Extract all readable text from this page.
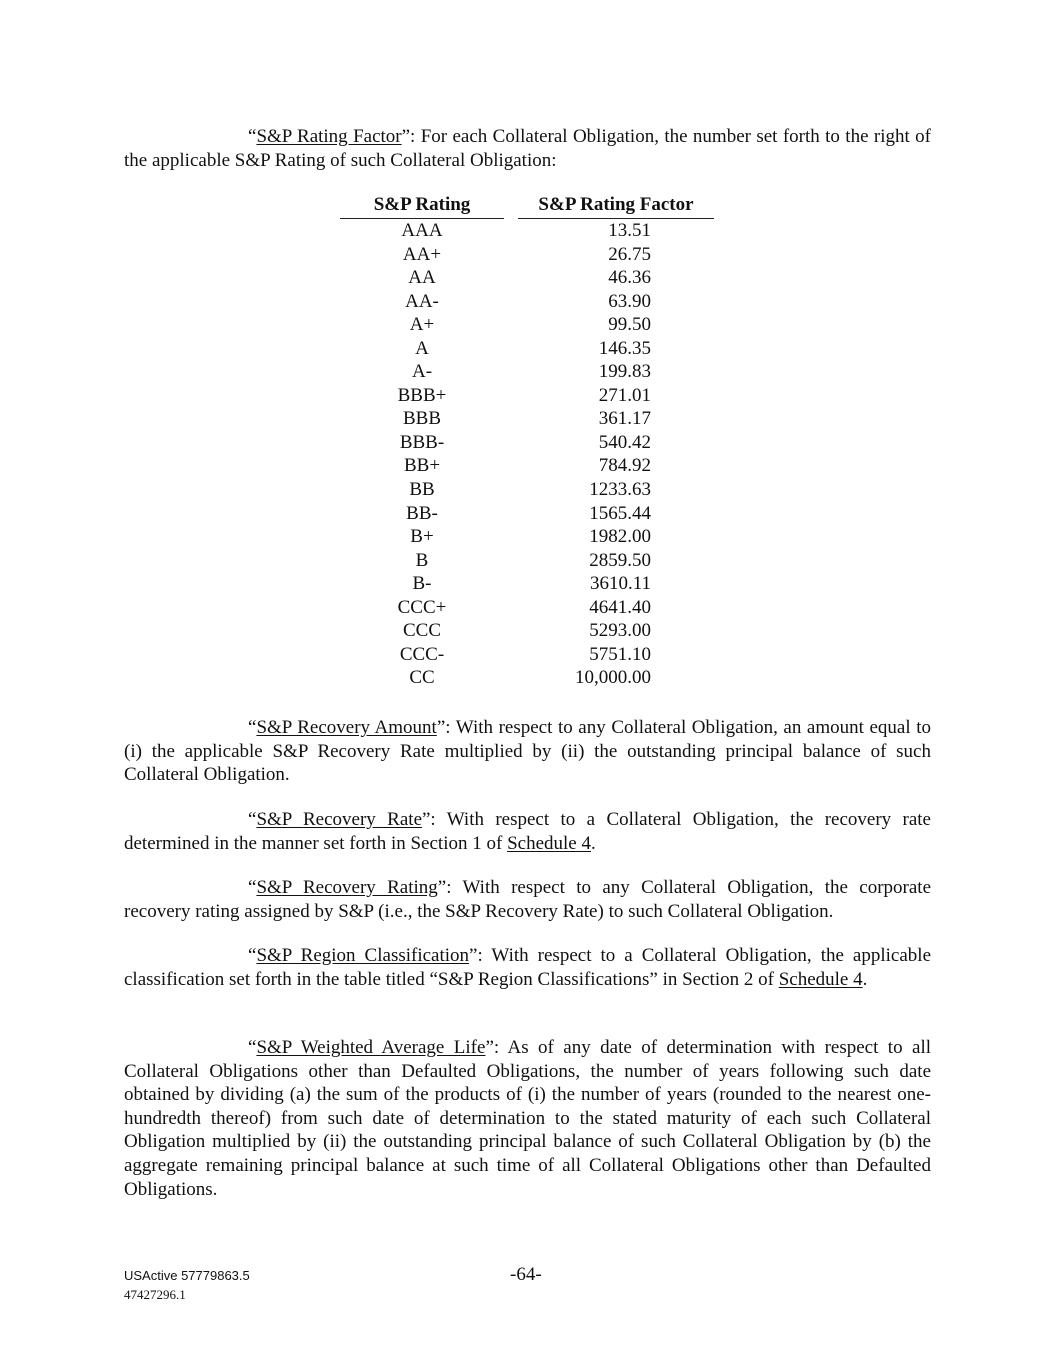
“S&P Rating Factor”: For each Collateral Obligation, the number set forth to the right of the applicable S&P Rating of such Collateral Obligation:

S&P Rating	S&P Rating Factor
AAA	13.51
AA+	26.75
AA	46.36
AA-	63.90
A+	99.50
A	146.35
A-	199.83
BBB+	271.01
BBB	361.17
BBB-	540.42
BB+	784.92
BB	1233.63
BB-	1565.44
B+	1982.00
B	2859.50
B-	3610.11
CCC+	4641.40
CCC	5293.00
CCC-	5751.10
CC	10,000.00

“S&P Recovery Amount”: With respect to any Collateral Obligation, an amount equal to (i) the applicable S&P Recovery Rate multiplied by (ii) the outstanding principal balance of such Collateral Obligation.

“S&P Recovery Rate”: With respect to a Collateral Obligation, the recovery rate determined in the manner set forth in Section 1 of Schedule 4.

“S&P Recovery Rating”: With respect to any Collateral Obligation, the corporate recovery rating assigned by S&P (i.e., the S&P Recovery Rate) to such Collateral Obligation.

“S&P Region Classification”: With respect to a Collateral Obligation, the applicable classification set forth in the table titled “S&P Region Classifications” in Section 2 of Schedule 4.

“S&P Weighted Average Life”: As of any date of determination with respect to all Collateral Obligations other than Defaulted Obligations, the number of years following such date obtained by dividing (a) the sum of the products of (i) the number of years (rounded to the nearest one-hundredth thereof) from such date of determination to the stated maturity of each such Collateral Obligation multiplied by (ii) the outstanding principal balance of such Collateral Obligation by (b) the aggregate remaining principal balance at such time of all Collateral Obligations other than Defaulted Obligations.

USActive 57779863.5
47427296.1
-64-
